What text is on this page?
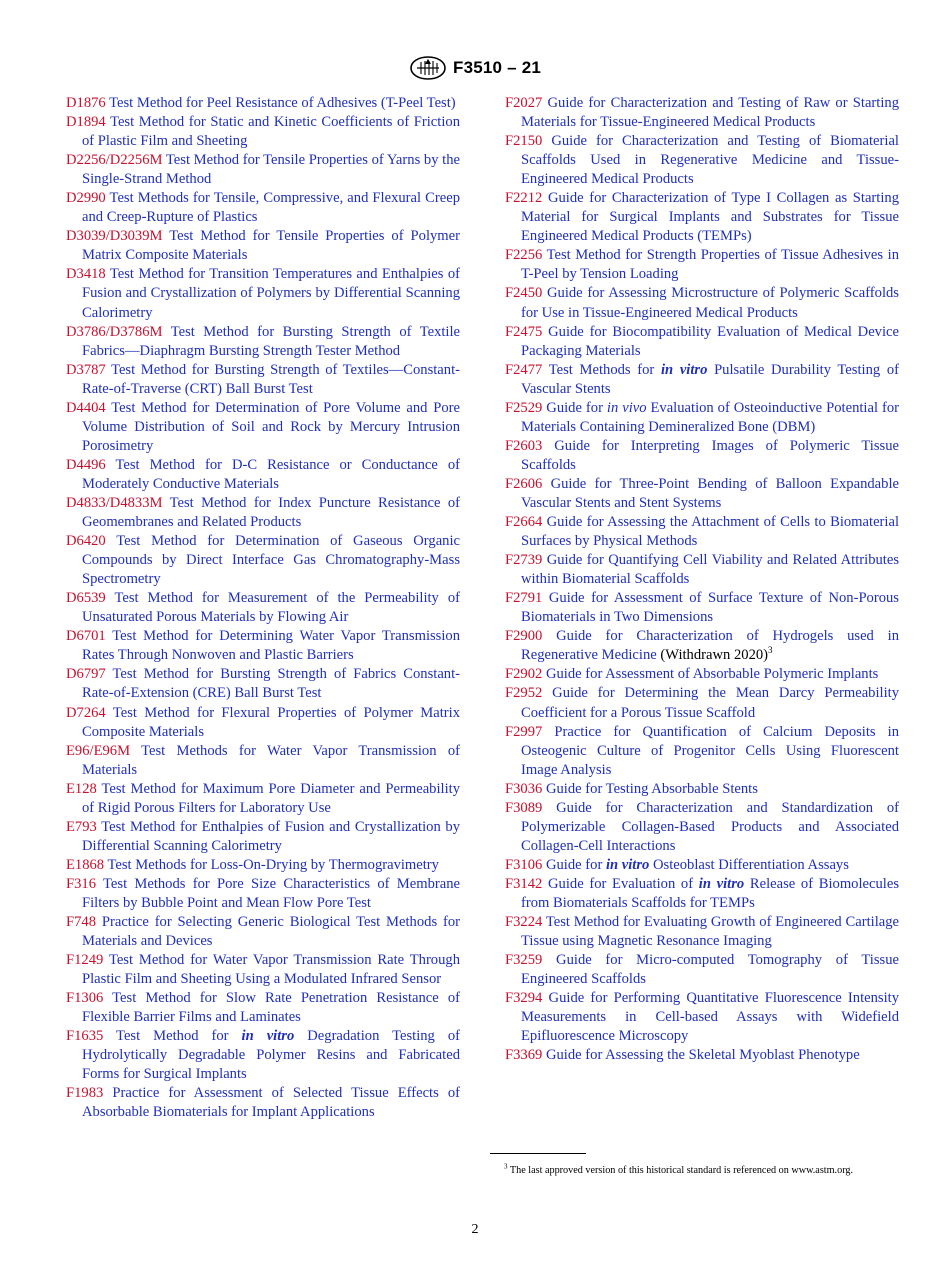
F3510 – 21
D1876 Test Method for Peel Resistance of Adhesives (T-Peel Test)
D1894 Test Method for Static and Kinetic Coefficients of Friction of Plastic Film and Sheeting
D2256/D2256M Test Method for Tensile Properties of Yarns by the Single-Strand Method
D2990 Test Methods for Tensile, Compressive, and Flexural Creep and Creep-Rupture of Plastics
D3039/D3039M Test Method for Tensile Properties of Polymer Matrix Composite Materials
D3418 Test Method for Transition Temperatures and Enthalpies of Fusion and Crystallization of Polymers by Differential Scanning Calorimetry
D3786/D3786M Test Method for Bursting Strength of Textile Fabrics—Diaphragm Bursting Strength Tester Method
D3787 Test Method for Bursting Strength of Textiles—Constant-Rate-of-Traverse (CRT) Ball Burst Test
D4404 Test Method for Determination of Pore Volume and Pore Volume Distribution of Soil and Rock by Mercury Intrusion Porosimetry
D4496 Test Method for D-C Resistance or Conductance of Moderately Conductive Materials
D4833/D4833M Test Method for Index Puncture Resistance of Geomembranes and Related Products
D6420 Test Method for Determination of Gaseous Organic Compounds by Direct Interface Gas Chromatography-Mass Spectrometry
D6539 Test Method for Measurement of the Permeability of Unsaturated Porous Materials by Flowing Air
D6701 Test Method for Determining Water Vapor Transmission Rates Through Nonwoven and Plastic Barriers
D6797 Test Method for Bursting Strength of Fabrics Constant-Rate-of-Extension (CRE) Ball Burst Test
D7264 Test Method for Flexural Properties of Polymer Matrix Composite Materials
E96/E96M Test Methods for Water Vapor Transmission of Materials
E128 Test Method for Maximum Pore Diameter and Permeability of Rigid Porous Filters for Laboratory Use
E793 Test Method for Enthalpies of Fusion and Crystallization by Differential Scanning Calorimetry
E1868 Test Methods for Loss-On-Drying by Thermogravimetry
F316 Test Methods for Pore Size Characteristics of Membrane Filters by Bubble Point and Mean Flow Pore Test
F748 Practice for Selecting Generic Biological Test Methods for Materials and Devices
F1249 Test Method for Water Vapor Transmission Rate Through Plastic Film and Sheeting Using a Modulated Infrared Sensor
F1306 Test Method for Slow Rate Penetration Resistance of Flexible Barrier Films and Laminates
F1635 Test Method for in vitro Degradation Testing of Hydrolytically Degradable Polymer Resins and Fabricated Forms for Surgical Implants
F1983 Practice for Assessment of Selected Tissue Effects of Absorbable Biomaterials for Implant Applications
F2027 Guide for Characterization and Testing of Raw or Starting Materials for Tissue-Engineered Medical Products
F2150 Guide for Characterization and Testing of Biomaterial Scaffolds Used in Regenerative Medicine and Tissue-Engineered Medical Products
F2212 Guide for Characterization of Type I Collagen as Starting Material for Surgical Implants and Substrates for Tissue Engineered Medical Products (TEMPs)
F2256 Test Method for Strength Properties of Tissue Adhesives in T-Peel by Tension Loading
F2450 Guide for Assessing Microstructure of Polymeric Scaffolds for Use in Tissue-Engineered Medical Products
F2475 Guide for Biocompatibility Evaluation of Medical Device Packaging Materials
F2477 Test Methods for in vitro Pulsatile Durability Testing of Vascular Stents
F2529 Guide for in vivo Evaluation of Osteoinductive Potential for Materials Containing Demineralized Bone (DBM)
F2603 Guide for Interpreting Images of Polymeric Tissue Scaffolds
F2606 Guide for Three-Point Bending of Balloon Expandable Vascular Stents and Stent Systems
F2664 Guide for Assessing the Attachment of Cells to Biomaterial Surfaces by Physical Methods
F2739 Guide for Quantifying Cell Viability and Related Attributes within Biomaterial Scaffolds
F2791 Guide for Assessment of Surface Texture of Non-Porous Biomaterials in Two Dimensions
F2900 Guide for Characterization of Hydrogels used in Regenerative Medicine (Withdrawn 2020)$^3$
F2902 Guide for Assessment of Absorbable Polymeric Implants
F2952 Guide for Determining the Mean Darcy Permeability Coefficient for a Porous Tissue Scaffold
F2997 Practice for Quantification of Calcium Deposits in Osteogenic Culture of Progenitor Cells Using Fluorescent Image Analysis
F3036 Guide for Testing Absorbable Stents
F3089 Guide for Characterization and Standardization of Polymerizable Collagen-Based Products and Associated Collagen-Cell Interactions
F3106 Guide for in vitro Osteoblast Differentiation Assays
F3142 Guide for Evaluation of in vitro Release of Biomolecules from Biomaterials Scaffolds for TEMPs
F3224 Test Method for Evaluating Growth of Engineered Cartilage Tissue using Magnetic Resonance Imaging
F3259 Guide for Micro-computed Tomography of Tissue Engineered Scaffolds
F3294 Guide for Performing Quantitative Fluorescence Intensity Measurements in Cell-based Assays with Widefield Epifluorescence Microscopy
F3369 Guide for Assessing the Skeletal Myoblast Phenotype
$^3$ The last approved version of this historical standard is referenced on www.astm.org.
2
